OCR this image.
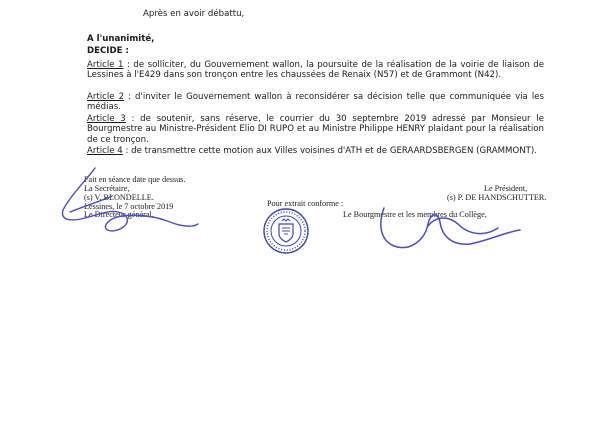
Après en avoir débattu,
A l'unanimité,
DECIDE :
Article 1 : de solliciter, du Gouvernement wallon, la poursuite de la réalisation de la voirie de liaison de Lessines à l'E429 dans son tronçon entre les chaussées de Renaix (N57) et de Grammont (N42).
Article 2 : d'inviter le Gouvernement wallon à reconsidérer sa décision telle que communiquée via les médias.
Article 3 : de soutenir, sans réserve, le courrier du 30 septembre 2019 adressé par Monsieur le Bourgmestre au Ministre-Président Elio DI RUPO et au Ministre Philippe HENRY plaidant pour la réalisation de ce tronçon.
Article 4 : de transmettre cette motion aux Villes voisines d'ATH et de GERAARDSBERGEN (GRAMMONT).
Fait en séance date que dessus.
La Secrétaire,
(s) V. BLONDELLE.
Le Président,
(s) P. DE HANDSCHUTTER.
Pour extrait conforme :
Lessines, le 7 octobre 2019
Le Directeur général,	Le Bourgmestre et les membres du Collège,
